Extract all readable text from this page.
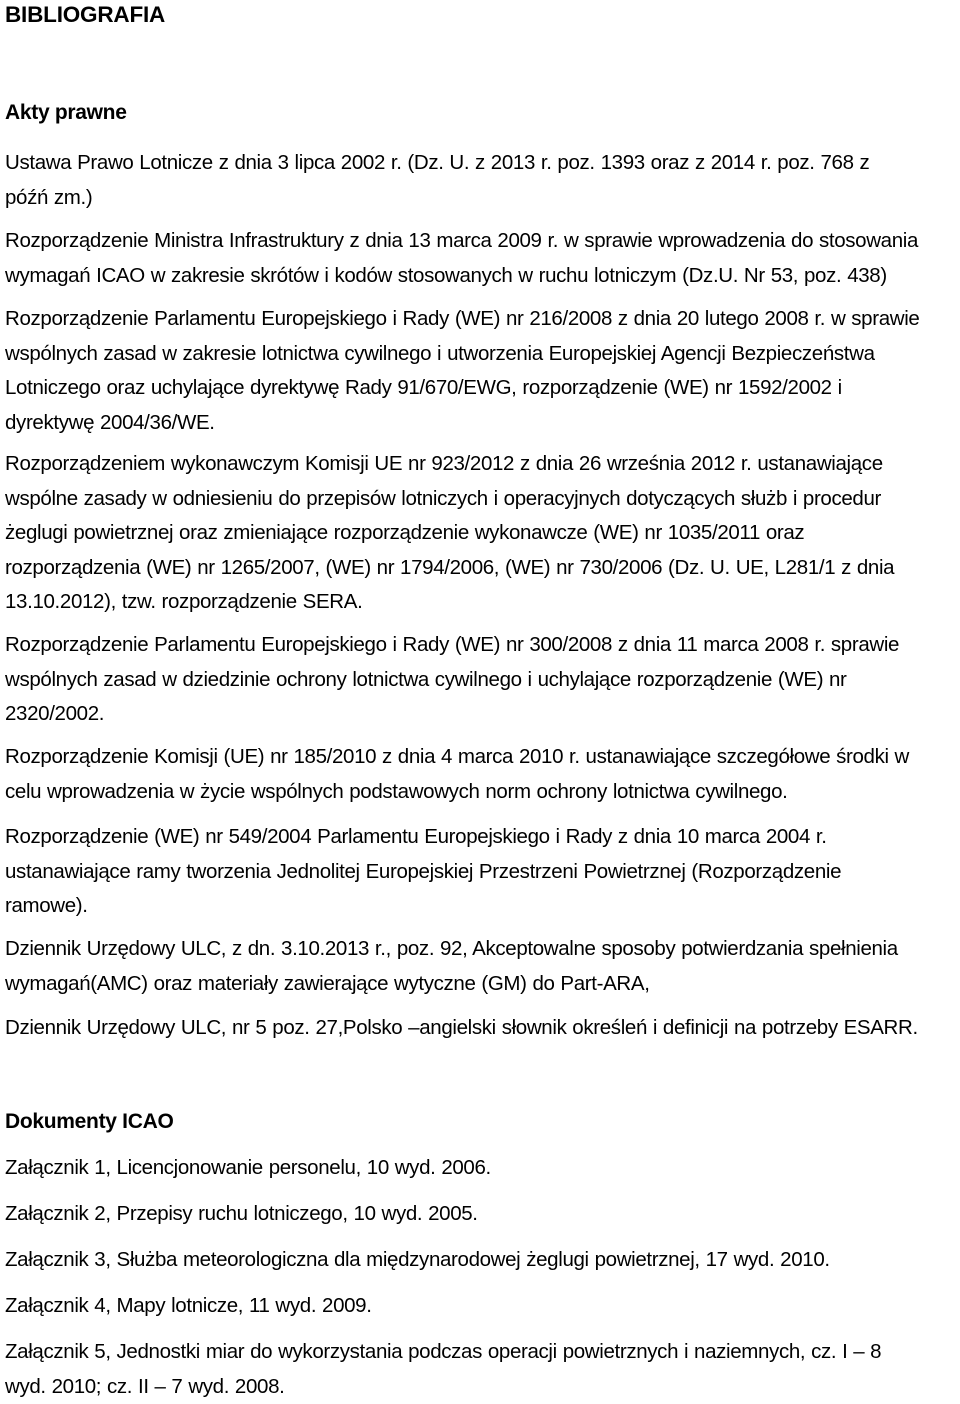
BIBLIOGRAFIA
Akty prawne

Ustawa Prawo Lotnicze z dnia 3 lipca 2002 r. (Dz. U. z 2013 r. poz. 1393 oraz z 2014 r. poz. 768 z
późń zm.)

Rozporządzenie Ministra Infrastruktury z dnia 13 marca 2009 r. w sprawie wprowadzenia do stosowania
wymagań ICAO w zakresie skrótów i kodów stosowanych w ruchu lotniczym (Dz.U. Nr 53, poz. 438)

Rozporządzenie Parlamentu Europejskiego i Rady (WE) nr 216/2008 z dnia 20 lutego 2008 r. w sprawie
wspólnych zasad w zakresie lotnictwa cywilnego i utworzenia Europejskiej Agencji Bezpieczeństwa
Lotniczego oraz uchylające dyrektywę Rady 91/670/EWG, rozporządzenie (WE) nr 1592/2002 i
dyrektywę 2004/36/WE.

Rozporządzeniem wykonawczym Komisji UE nr 923/2012 z dnia 26 września 2012 r. ustanawiające
wspólne zasady w odniesieniu do przepisów lotniczych i operacyjnych dotyczących służb i procedur
żeglugi powietrznej oraz zmieniające rozporządzenie wykonawcze (WE) nr 1035/2011 oraz
rozporządzenia (WE) nr 1265/2007, (WE) nr 1794/2006, (WE) nr 730/2006 (Dz. U. UE, L281/1 z dnia
13.10.2012), tzw. rozporządzenie SERA.

Rozporządzenie Parlamentu Europejskiego i Rady (WE) nr 300/2008 z dnia 11 marca 2008 r. sprawie
wspólnych zasad w dziedzinie ochrony lotnictwa cywilnego i uchylające rozporządzenie (WE) nr
2320/2002.

Rozporządzenie Komisji (UE) nr 185/2010 z dnia 4 marca 2010 r. ustanawiające szczegółowe środki w
celu wprowadzenia w życie wspólnych podstawowych norm ochrony lotnictwa cywilnego.

Rozporządzenie (WE) nr 549/2004 Parlamentu Europejskiego i Rady z dnia 10 marca 2004 r.
ustanawiające ramy tworzenia Jednolitej Europejskiej Przestrzeni Powietrznej (Rozporządzenie
ramowe).

Dziennik Urzędowy ULC, z dn. 3.10.2013 r., poz. 92, Akceptowalne sposoby potwierdzania spełnienia
wymagań(AMC) oraz materiały zawierające wytyczne (GM) do Part-ARA,

Dziennik Urzędowy ULC, nr 5 poz. 27,Polsko –angielski słownik określeń i definicji na potrzeby ESARR.

Dokumenty ICAO

Załącznik 1, Licencjonowanie personelu, 10 wyd. 2006.

Załącznik 2, Przepisy ruchu lotniczego, 10 wyd. 2005.

Załącznik 3, Służba meteorologiczna dla międzynarodowej żeglugi powietrznej, 17 wyd. 2010.

Załącznik 4, Mapy lotnicze, 11 wyd. 2009.

Załącznik 5, Jednostki miar do wykorzystania podczas operacji powietrznych i naziemnych, cz. I – 8
wyd. 2010; cz. II – 7 wyd. 2008.
